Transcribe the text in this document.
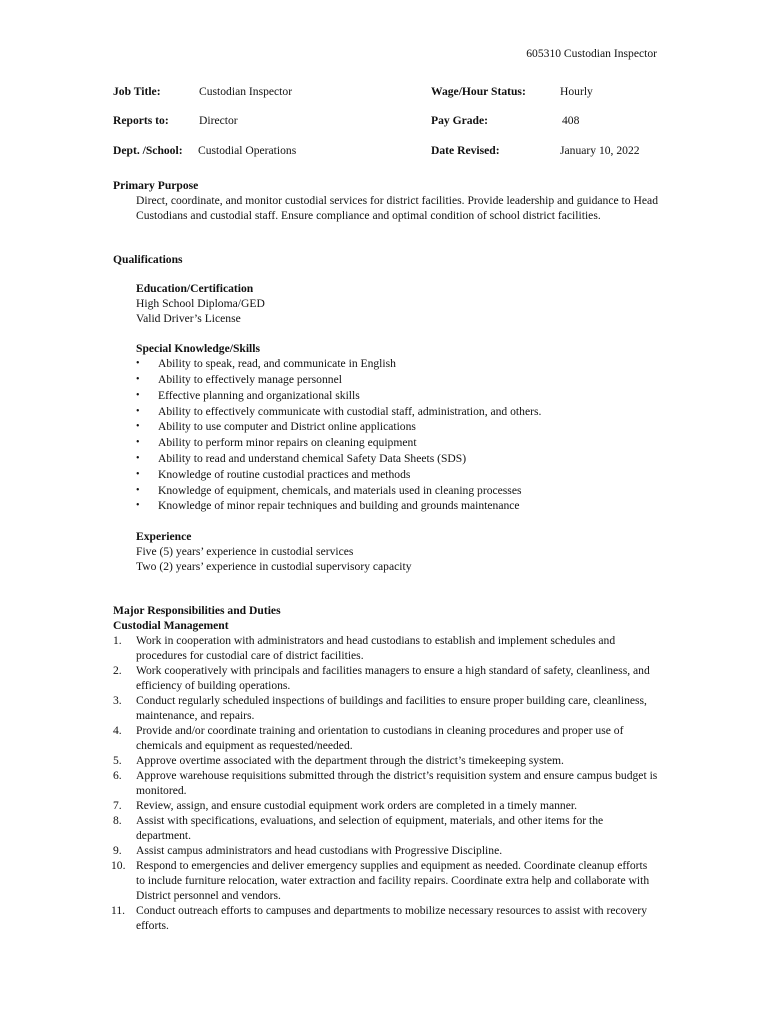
605310 Custodian Inspector
Job Title:	Custodian Inspector	Wage/Hour Status:	Hourly
Reports to:	Director	Pay Grade:	408
Dept. /School: Custodial Operations	Date Revised:	January 10, 2022
Primary Purpose
Direct, coordinate, and monitor custodial services for district facilities. Provide leadership and guidance to Head Custodians and custodial staff. Ensure compliance and optimal condition of school district facilities.
Qualifications
Education/Certification
High School Diploma/GED
Valid Driver’s License
Special Knowledge/Skills
• Ability to speak, read, and communicate in English
• Ability to effectively manage personnel
• Effective planning and organizational skills
• Ability to effectively communicate with custodial staff, administration, and others.
• Ability to use computer and District online applications
• Ability to perform minor repairs on cleaning equipment
• Ability to read and understand chemical Safety Data Sheets (SDS)
• Knowledge of routine custodial practices and methods
• Knowledge of equipment, chemicals, and materials used in cleaning processes
• Knowledge of minor repair techniques and building and grounds maintenance
Experience
Five (5) years’ experience in custodial services
Two (2) years’ experience in custodial supervisory capacity
Major Responsibilities and Duties
Custodial Management
1. Work in cooperation with administrators and head custodians to establish and implement schedules and procedures for custodial care of district facilities.
2. Work cooperatively with principals and facilities managers to ensure a high standard of safety, cleanliness, and efficiency of building operations.
3. Conduct regularly scheduled inspections of buildings and facilities to ensure proper building care, cleanliness, maintenance, and repairs.
4. Provide and/or coordinate training and orientation to custodians in cleaning procedures and proper use of chemicals and equipment as requested/needed.
5. Approve overtime associated with the department through the district’s timekeeping system.
6. Approve warehouse requisitions submitted through the district’s requisition system and ensure campus budget is monitored.
7. Review, assign, and ensure custodial equipment work orders are completed in a timely manner.
8. Assist with specifications, evaluations, and selection of equipment, materials, and other items for the department.
9. Assist campus administrators and head custodians with Progressive Discipline.
10. Respond to emergencies and deliver emergency supplies and equipment as needed. Coordinate cleanup efforts to include furniture relocation, water extraction and facility repairs. Coordinate extra help and collaborate with District personnel and vendors.
11. Conduct outreach efforts to campuses and departments to mobilize necessary resources to assist with recovery efforts.
